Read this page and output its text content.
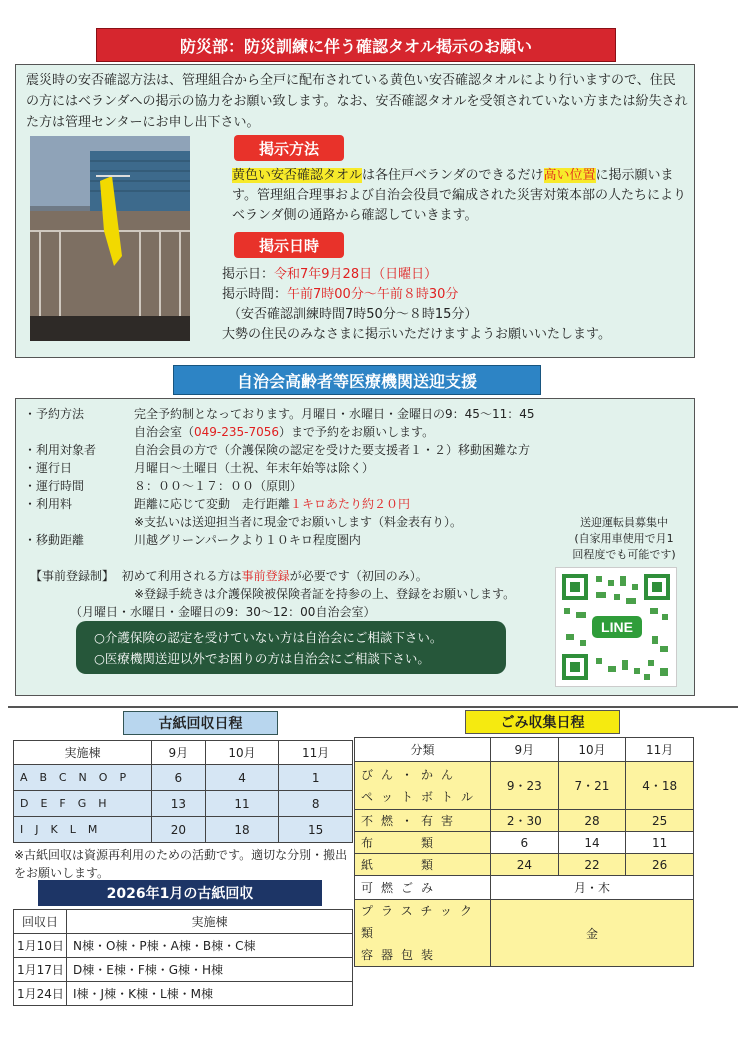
防災部：防災訓練に伴う確認タオル掲示のお願い
震災時の安否確認方法は、管理組合から全戸に配布されている黄色い安否確認タオルにより行いますので、住民の方にはベランダへの掲示の協力をお願い致します。なお、安否確認タオルを受領されていない方または紛失された方は管理センターにお申し出下さい。
掲示方法
黄色い安否確認タオルは各住戸ベランダのできるだけ高い位置に掲示願います。管理組合理事および自治会役員で編成された災害対策本部の人たちによりベランダ側の通路から確認していきます。
掲示日時
掲示日：令和7年9月28日（日曜日）
掲示時間：午前7時00分～午前８時30分
（安否確認訓練時間7時50分～８時15分）
大勢の住民のみなさまに掲示いただけますようお願いいたします。
自治会高齢者等医療機関送迎支援
・予約方法	完全予約制となっております。月曜日・水曜日・金曜日の9：45～11：45
自治会室（049-235-7056）まで予約をお願いします。
・利用対象者	自治会員の方で（介護保険の認定を受けた要支援者１・２）移動困難な方
・運行日	月曜日～土曜日（土祝、年末年始等は除く）
・運行時間	８：００～１７：００（原則）
・利用料	距離に応じて変動　走行距離１キロあたり約２０円
※支払いは送迎担当者に現金でお願いします（料金表有り）。
・移動距離	川越グリーンパークより１０キロ程度圏内
【事前登録制】 初めて利用される方は事前登録が必要です（初回のみ）。
※登録手続きは介護保険被保険者証を持参の上、登録をお願いします。
（月曜日・水曜日・金曜日の9：30～12：00自治会室）
○介護保険の認定を受けていない方は自治会にご相談下さい。
○医療機関送迎以外でお困りの方は自治会にご相談下さい。
送迎運転員募集中
(自家用車使用で月1
回程度でも可能です)
LINE
古紙回収日程
実施棟	9月	10月	11月
ABCNOP	6	4	1
DEFGH	13	11	8
IJKLM	20	18	15
※古紙回収は資源再利用のための活動です。適切な分別・搬出をお願いします。
2026年1月の古紙回収
回収日	実施棟
1月10日	N棟・O棟・P棟・A棟・B棟・C棟
1月17日	D棟・E棟・F棟・G棟・H棟
1月24日	I棟・J棟・K棟・L棟・M棟
ごみ収集日程
分類	9月	10月	11月

びん・かん
ペットボトル	9・23	7・21	4・18
不燃・有害	2・30	28	25
布　　類	6	14	11
紙　　類	24	22	26
可燃ごみ	月・木		

プラスチック類
容器包装	金		
